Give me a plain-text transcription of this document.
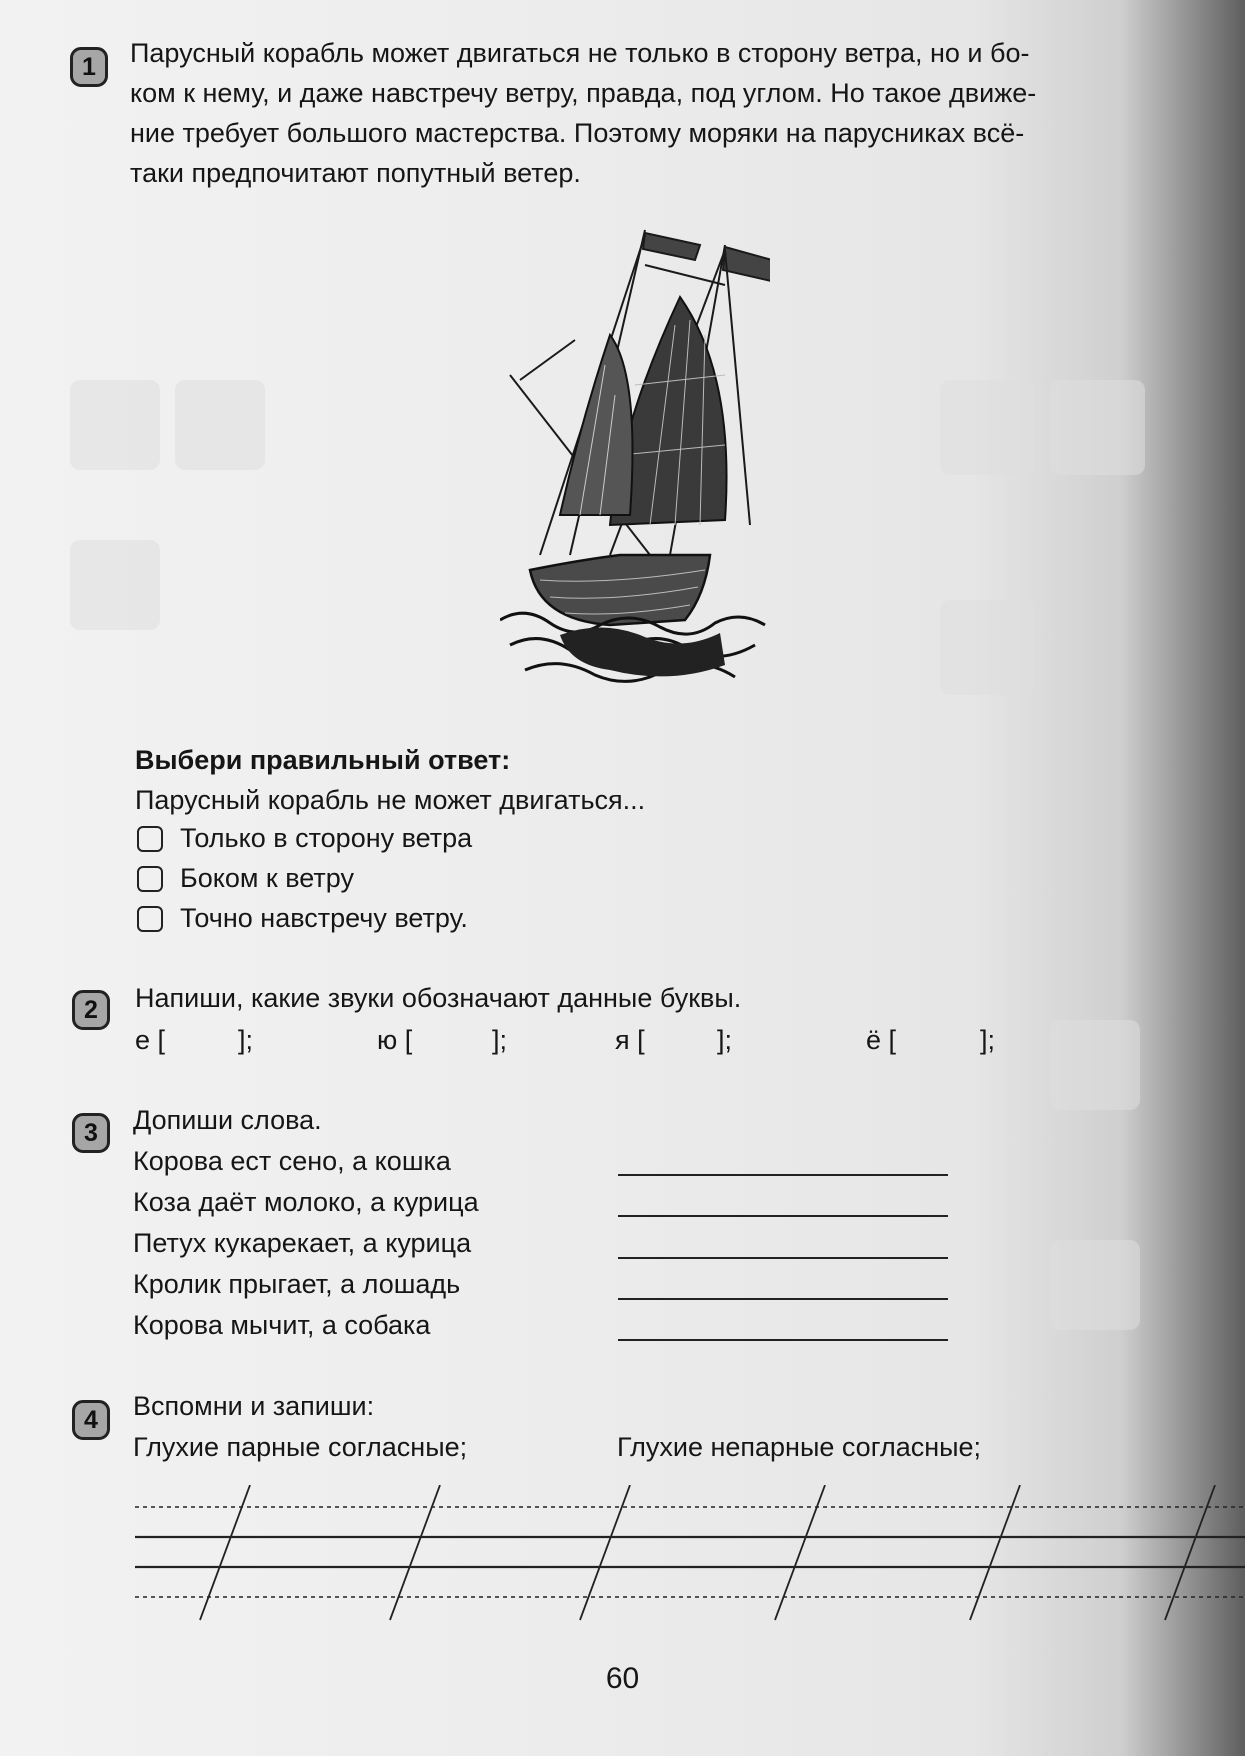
1	Парусный корабль может двигаться не только в сторону ветра, но и бо-
ком к нему, и даже навстречу ветру, правда, под углом. Но такое движе-
ние требует большого мастерства. Поэтому моряки на парусниках всё-
таки предпочитают попутный ветер.
Выбери правильный ответ:
Парусный корабль не может двигаться...
Только в сторону ветра
Боком к ветру
Точно навстречу ветру.
2	Напиши, какие звуки обозначают данные буквы.
е [	];	ю [	];	я [	];	ё [	];
3	Допиши слова.
Корова ест сено, а кошка
Коза даёт молоко, а курица
Петух кукарекает, а курица
Кролик прыгает, а лошадь
Корова мычит, а собака
4	Вспомни и запиши:
Глухие парные согласные;	Глухие непарные согласные;
60
